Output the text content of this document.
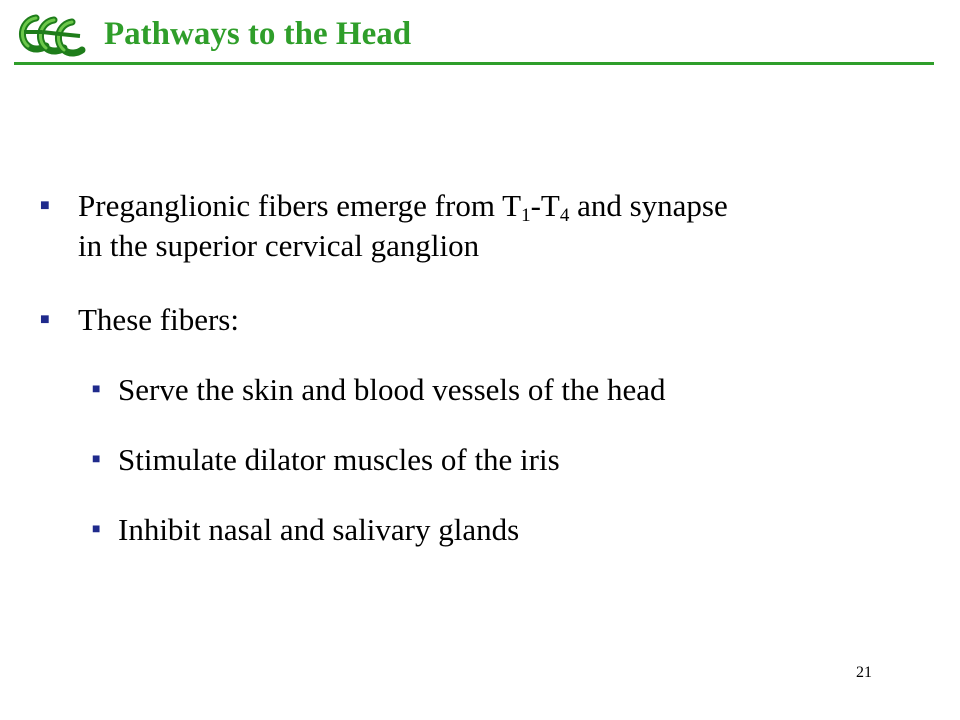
Pathways to the Head
■ Preganglionic fibers emerge from $T_1-T_4$ and synapse
in the superior cervical ganglion
■ These fibers:
■ Serve the skin and blood vessels of the head
■ Stimulate dilator muscles of the iris
■ Inhibit nasal and salivary glands
21
